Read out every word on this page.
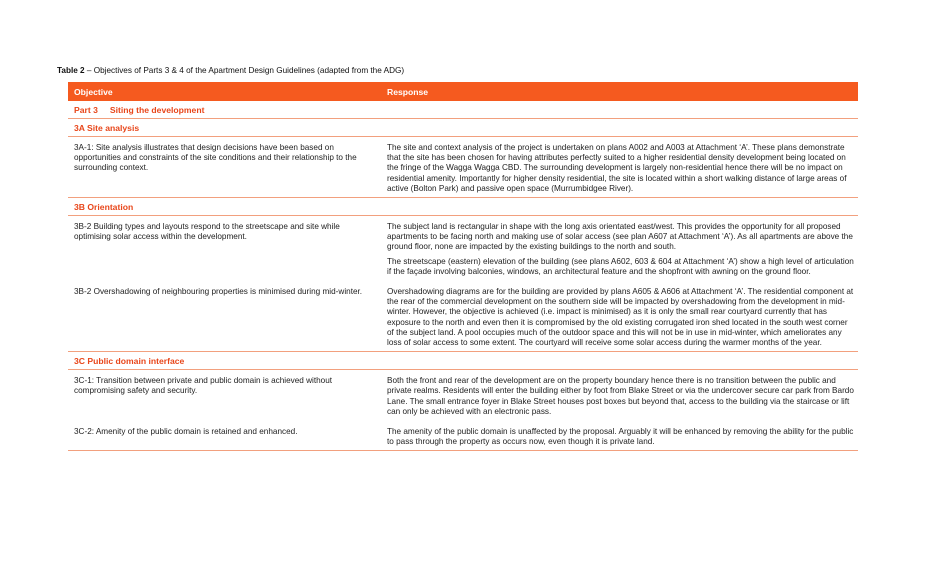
Table 2 – Objectives of Parts 3 & 4 of the Apartment Design Guidelines (adapted from the ADG)
Objective	Response
Part 3 Siting the development	
3A Site analysis	
3A-1: Site analysis illustrates that design decisions have been based on opportunities and constraints of the site conditions and their relationship to the surrounding context.	The site and context analysis of the project is undertaken on plans A002 and A003 at Attachment ‘A’. These plans demonstrate that the site has been chosen for having attributes perfectly suited to a higher residential density development being located on the fringe of the Wagga Wagga CBD. The surrounding development is largely non-residential hence there will be no impact on residential amenity. Importantly for higher density residential, the site is located within a short walking distance of large areas of active (Bolton Park) and passive open space (Murrumbidgee River).

3B Orientation	
3B-2 Building types and layouts respond to the streetscape and site while optimising solar access within the development.	The subject land is rectangular in shape with the long axis orientated east/west. This provides the opportunity for all proposed apartments to be facing north and making use of solar access (see plan A607 at Attachment ‘A’). As all apartments are above the ground floor, none are impacted by the existing buildings to the north and south.

The streetscape (eastern) elevation of the building (see plans A602, 603 & 604 at Attachment ‘A’) show a high level of articulation if the façade involving balconies, windows, an architectural feature and the shopfront with awning on the ground floor.

3B-2 Overshadowing of neighbouring properties is minimised during mid-winter.	Overshadowing diagrams are for the building are provided by plans A605 & A606 at Attachment ‘A’. The residential component at the rear of the commercial development on the southern side will be impacted by overshadowing from the development in mid-winter. However, the objective is achieved (i.e. impact is minimised) as it is only the small rear courtyard currently that has exposure to the north and even then it is compromised by the old existing corrugated iron shed located in the south west corner of the subject land. A pool occupies much of the outdoor space and this will not be in use in mid-winter, which ameliorates any loss of solar access to some extent. The courtyard will receive some solar access during the warmer months of the year.

3C Public domain interface	
3C-1: Transition between private and public domain is achieved without compromising safety and security.	Both the front and rear of the development are on the property boundary hence there is no transition between the public and private realms. Residents will enter the building either by foot from Blake Street or via the undercover secure car park from Bardo Lane. The small entrance foyer in Blake Street houses post boxes but beyond that, access to the building via the staircase or lift can only be achieved with an electronic pass.

3C-2: Amenity of the public domain is retained and enhanced.	The amenity of the public domain is unaffected by the proposal. Arguably it will be enhanced by removing the ability for the public to pass through the property as occurs now, even though it is private land.
